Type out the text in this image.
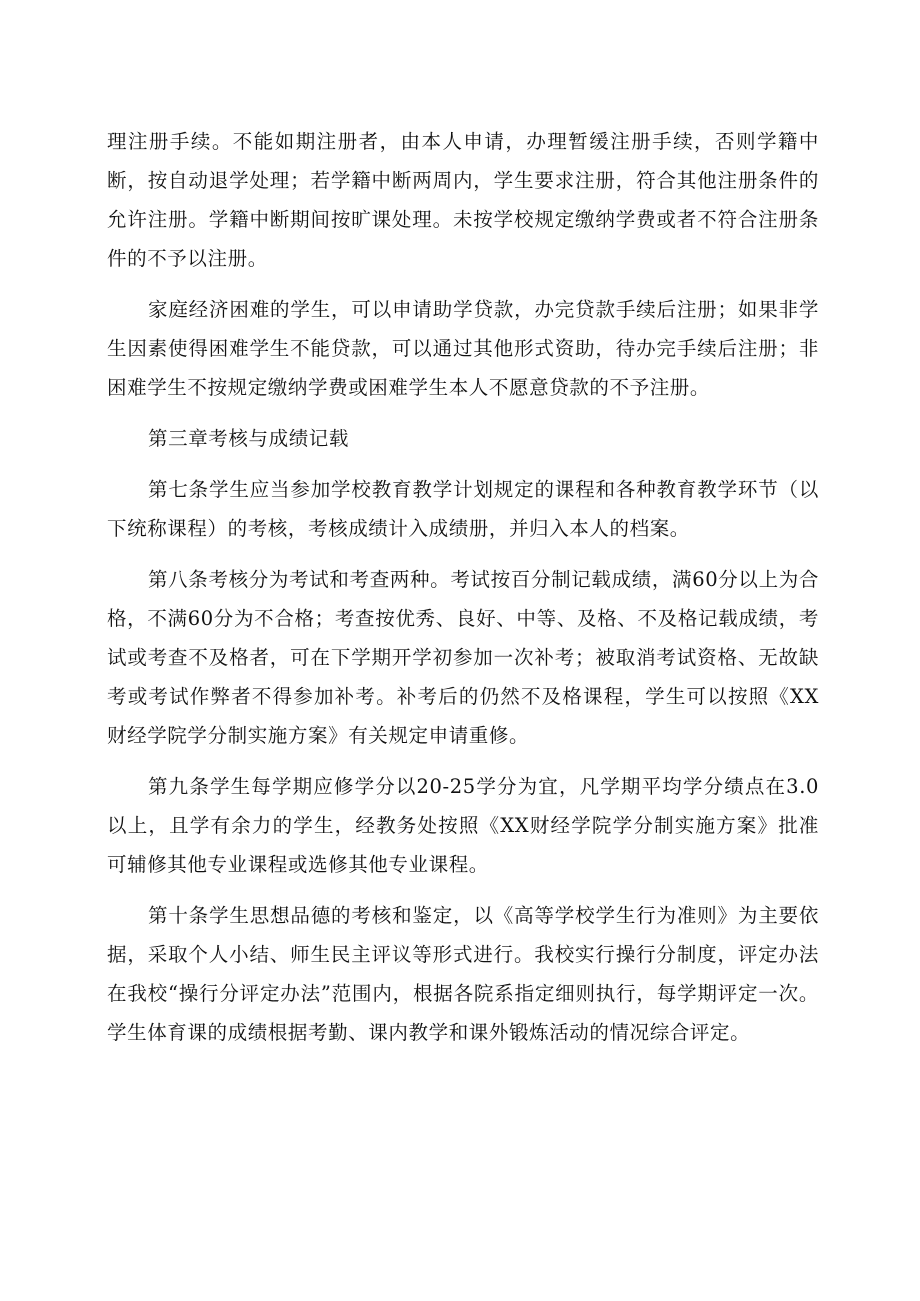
理注册手续。不能如期注册者，由本人申请，办理暂缓注册手续，否则学籍中断，按自动退学处理；若学籍中断两周内，学生要求注册，符合其他注册条件的允许注册。学籍中断期间按旷课处理。未按学校规定缴纳学费或者不符合注册条件的不予以注册。

家庭经济困难的学生，可以申请助学贷款，办完贷款手续后注册；如果非学生因素使得困难学生不能贷款，可以通过其他形式资助，待办完手续后注册；非困难学生不按规定缴纳学费或困难学生本人不愿意贷款的不予注册。

第三章考核与成绩记载

第七条学生应当参加学校教育教学计划规定的课程和各种教育教学环节（以下统称课程）的考核，考核成绩计入成绩册，并归入本人的档案。

第八条考核分为考试和考查两种。考试按百分制记载成绩，满60分以上为合格，不满60分为不合格；考查按优秀、良好、中等、及格、不及格记载成绩，考试或考查不及格者，可在下学期开学初参加一次补考；被取消考试资格、无故缺考或考试作弊者不得参加补考。补考后的仍然不及格课程，学生可以按照《XX财经学院学分制实施方案》有关规定申请重修。

第九条学生每学期应修学分以20-25学分为宜，凡学期平均学分绩点在3.0以上，且学有余力的学生，经教务处按照《XX财经学院学分制实施方案》批准可辅修其他专业课程或选修其他专业课程。

第十条学生思想品德的考核和鉴定，以《高等学校学生行为准则》为主要依据，采取个人小结、师生民主评议等形式进行。我校实行操行分制度，评定办法在我校“操行分评定办法”范围内，根据各院系指定细则执行，每学期评定一次。学生体育课的成绩根据考勤、课内教学和课外锻炼活动的情况综合评定。
